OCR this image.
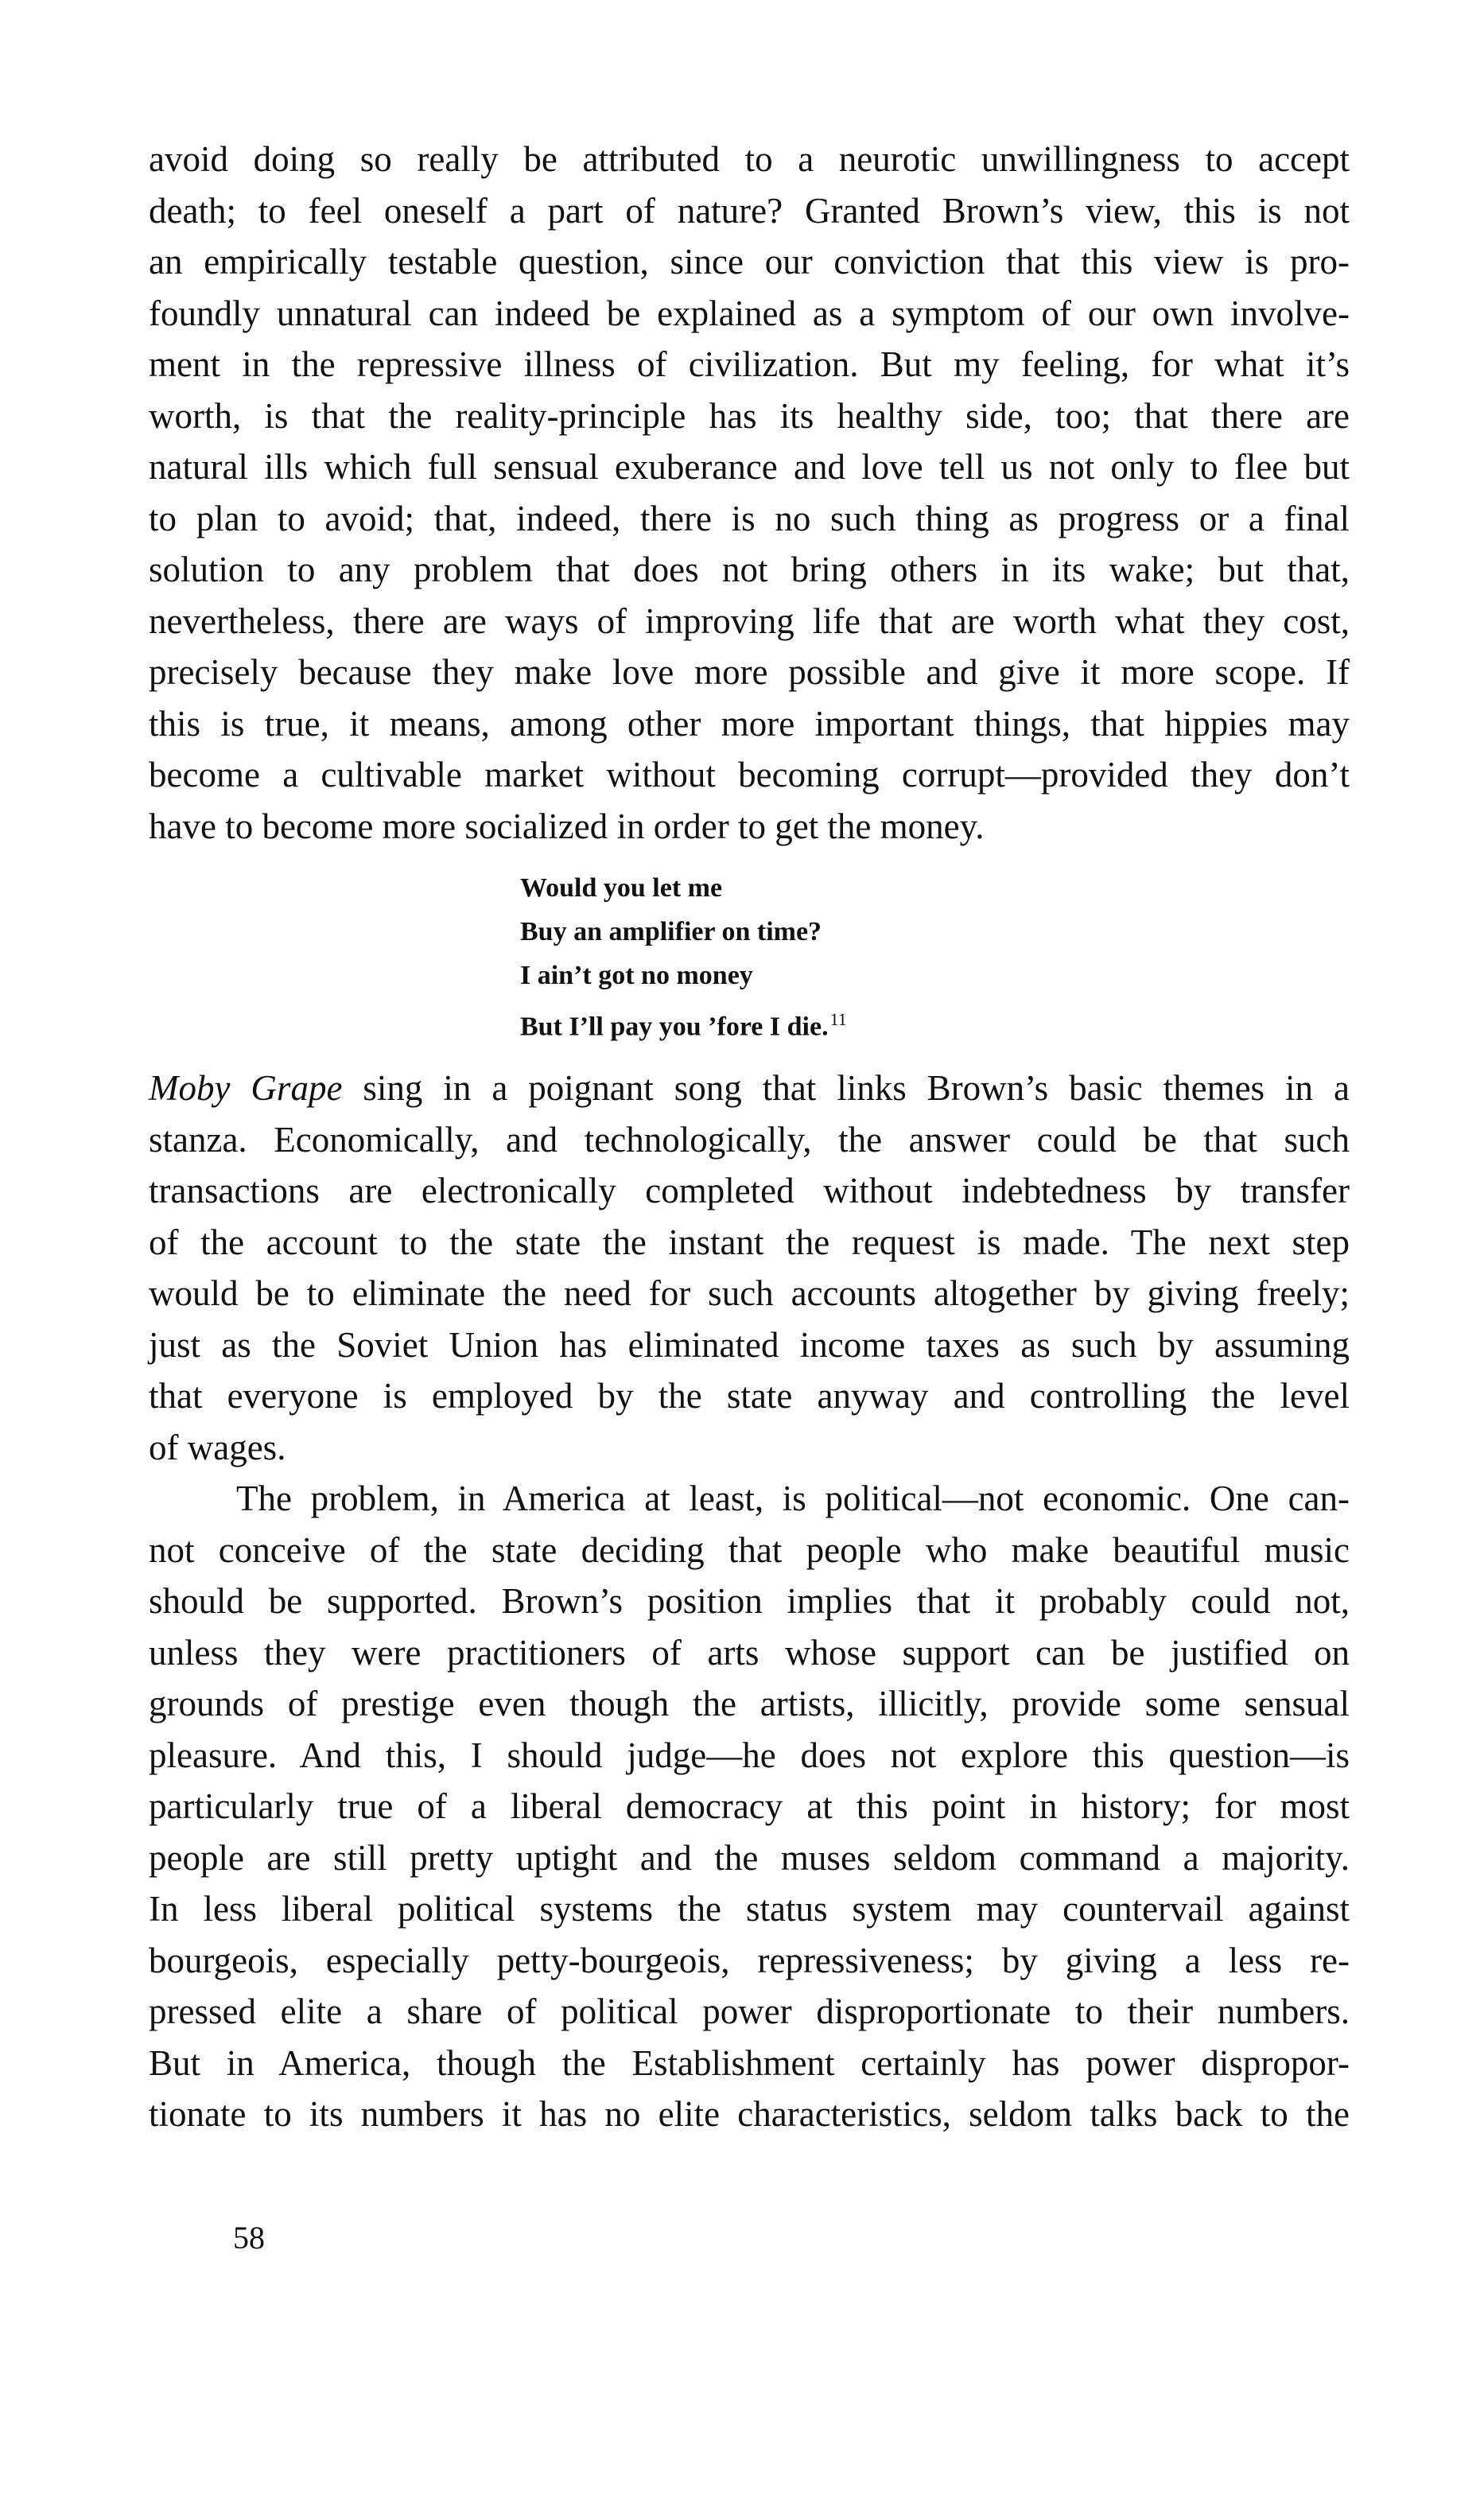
avoid doing so really be attributed to a neurotic unwillingness to accept
death; to feel oneself a part of nature? Granted Brown’s view, this is not
an empirically testable question, since our conviction that this view is pro-
foundly unnatural can indeed be explained as a symptom of our own involve-
ment in the repressive illness of civilization. But my feeling, for what it’s
worth, is that the reality-principle has its healthy side, too; that there are
natural ills which full sensual exuberance and love tell us not only to flee but
to plan to avoid; that, indeed, there is no such thing as progress or a final
solution to any problem that does not bring others in its wake; but that,
nevertheless, there are ways of improving life that are worth what they cost,
precisely because they make love more possible and give it more scope. If
this is true, it means, among other more important things, that hippies may
become a cultivable market without becoming corrupt—provided they don’t
have to become more socialized in order to get the money.
Would you let me
Buy an amplifier on time?
I ain’t got no money
But I’ll pay you ’fore I die.$^{11}$
Moby Grape sing in a poignant song that links Brown’s basic themes in a
stanza. Economically, and technologically, the answer could be that such
transactions are electronically completed without indebtedness by transfer
of the account to the state the instant the request is made. The next step
would be to eliminate the need for such accounts altogether by giving freely;
just as the Soviet Union has eliminated income taxes as such by assuming
that everyone is employed by the state anyway and controlling the level
of wages.
The problem, in America at least, is political—not economic. One can-
not conceive of the state deciding that people who make beautiful music
should be supported. Brown’s position implies that it probably could not,
unless they were practitioners of arts whose support can be justified on
grounds of prestige even though the artists, illicitly, provide some sensual
pleasure. And this, I should judge—he does not explore this question—is
particularly true of a liberal democracy at this point in history; for most
people are still pretty uptight and the muses seldom command a majority.
In less liberal political systems the status system may countervail against
bourgeois, especially petty-bourgeois, repressiveness; by giving a less re-
pressed elite a share of political power disproportionate to their numbers.
But in America, though the Establishment certainly has power dispropor-
tionate to its numbers it has no elite characteristics, seldom talks back to the
58
